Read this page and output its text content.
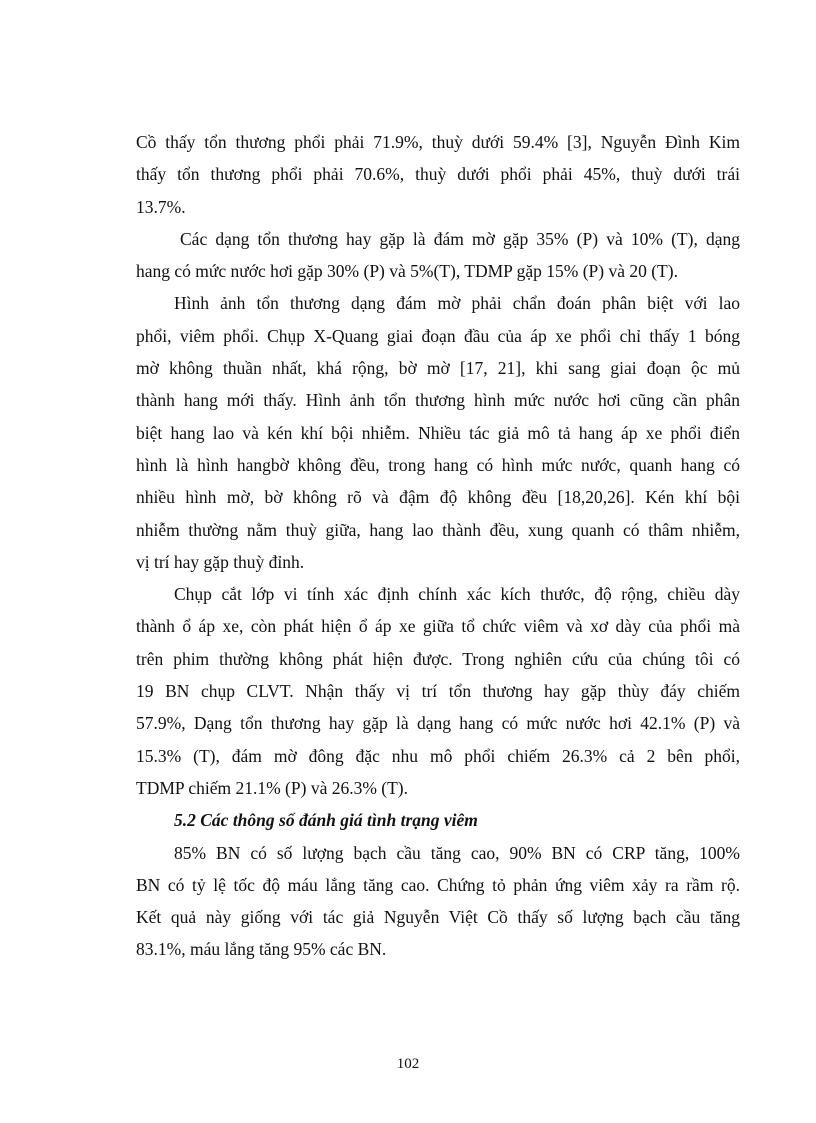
Cồ thấy tổn thương phổi phải 71.9%, thuỳ dưới 59.4% [3], Nguyễn Đình Kim
thấy tổn thương phổi phải 70.6%, thuỳ dưới phổi phải 45%, thuỳ dưới trái
13.7%.
Các dạng tổn thương hay gặp là đám mờ gặp 35% (P) và 10% (T), dạng
hang có mức nước hơi gặp 30% (P) và 5%(T), TDMP gặp 15% (P) và 20 (T).
Hình ảnh tổn thương dạng đám mờ phải chẩn đoán phân biệt với lao
phổi, viêm phổi. Chụp X-Quang giai đoạn đầu của áp xe phổi chỉ thấy 1 bóng
mờ không thuần nhất, khá rộng, bờ mờ [17, 21], khi sang giai đoạn ộc mủ
thành hang mới thấy. Hình ảnh tổn thương hình mức nước hơi cũng cần phân
biệt hang lao và kén khí bội nhiễm. Nhiều tác giả mô tả hang áp xe phổi điển
hình là hình hangbờ không đều, trong hang có hình mức nước, quanh hang có
nhiều hình mờ, bờ không rõ và đậm độ không đều [18,20,26]. Kén khí bội
nhiễm thường nằm thuỳ giữa, hang lao thành đều, xung quanh có thâm nhiễm,
vị trí hay gặp thuỳ đỉnh.
Chụp cắt lớp vi tính xác định chính xác kích thước, độ rộng, chiều dày
thành ổ áp xe, còn phát hiện ổ áp xe giữa tổ chức viêm và xơ dày của phổi mà
trên phim thường không phát hiện được. Trong nghiên cứu của chúng tôi có
19 BN chụp CLVT. Nhận thấy vị trí tổn thương hay gặp thùy đáy chiếm
57.9%, Dạng tổn thương hay gặp là dạng hang có mức nước hơi 42.1% (P) và
15.3% (T), đám mờ đông đặc nhu mô phổi chiếm 26.3% cả 2 bên phổi,
TDMP chiếm 21.1% (P) và 26.3% (T).
5.2 Các thông số đánh giá tình trạng viêm
85% BN có số lượng bạch cầu tăng cao, 90% BN có CRP tăng, 100%
BN có tỷ lệ tốc độ máu lắng tăng cao. Chứng tỏ phản ứng viêm xảy ra rầm rộ.
Kết quả này giống với tác giả Nguyễn Việt Cồ thấy số lượng bạch cầu tăng
83.1%, máu lắng tăng 95% các BN.
102
